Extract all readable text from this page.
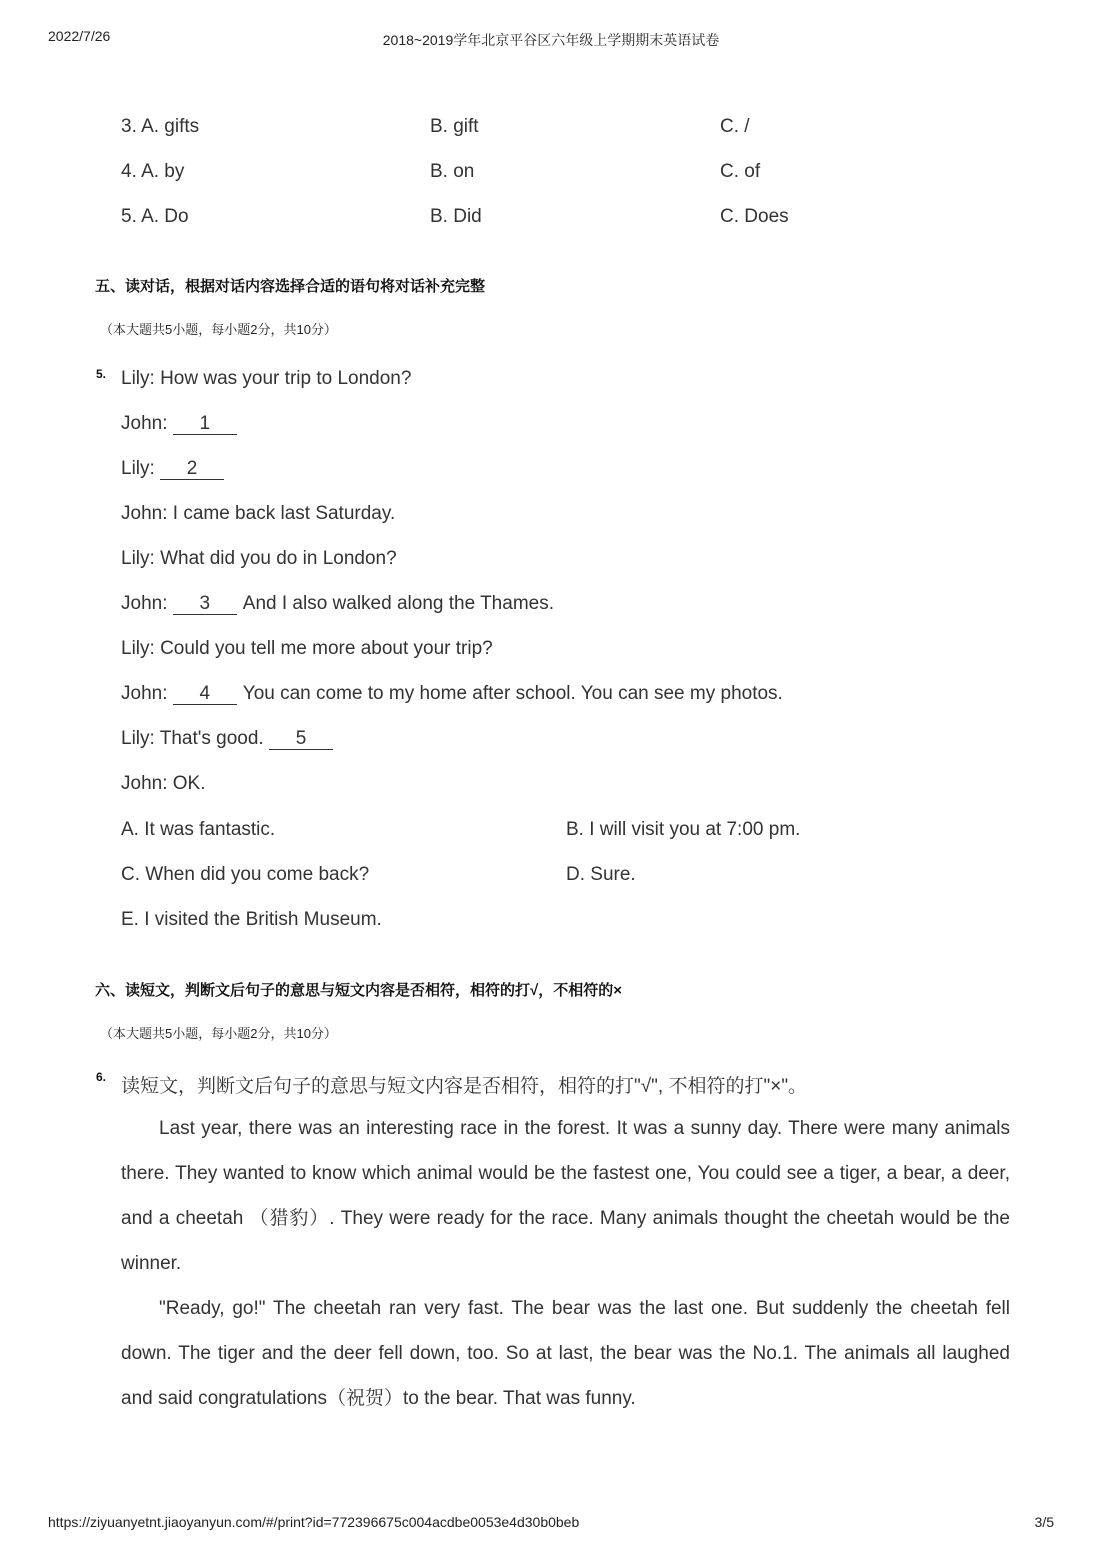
2022/7/26	2018~2019学年北京平谷区六年级上学期期末英语试卷
3. A. gifts	B. gift	C. /
4. A. by	B. on	C. of
5. A. Do	B. Did	C. Does
五、读对话，根据对话内容选择合适的语句将对话补充完整
（本大题共5小题，每小题2分，共10分）
5. Lily: How was your trip to London?
John: 1
Lily: 2
John: I came back last Saturday.
Lily: What did you do in London?
John: 3 And I also walked along the Thames.
Lily: Could you tell me more about your trip?
John: 4 You can come to my home after school. You can see my photos.
Lily: That's good. 5
John: OK.
A. It was fantastic.	B. I will visit you at 7:00 pm.
C. When did you come back?	D. Sure.
E. I visited the British Museum.
六、读短文，判断文后句子的意思与短文内容是否相符，相符的打√，不相符的×
（本大题共5小题，每小题2分，共10分）
6. 读短文，判断文后句子的意思与短文内容是否相符，相符的打"√", 不相符的打"×"。

Last year, there was an interesting race in the forest. It was a sunny day. There were many animals there. They wanted to know which animal would be the fastest one, You could see a tiger, a bear, a deer, and a cheetah （猎豹）. They were ready for the race. Many animals thought the cheetah would be the winner.

"Ready, go!" The cheetah ran very fast. The bear was the last one. But suddenly the cheetah fell down. The tiger and the deer fell down, too. So at last, the bear was the No.1. The animals all laughed and said congratulations（祝贺）to the bear. That was funny.

https://ziyuanyetnt.jiaoyanyun.com/#/print?id=772396675c004acdbe0053e4d30b0beb	3/5
